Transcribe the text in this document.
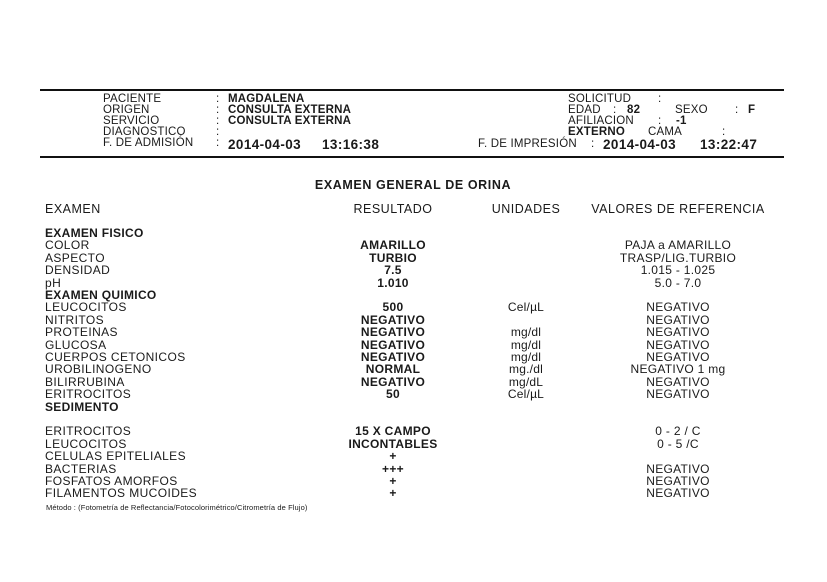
PACIENTE	: MAGDALENA
ORIGEN	: CONSULTA EXTERNA
SERVICIO	: CONSULTA EXTERNA
DIAGNOSTICO	:
F. DE ADMISIÓN : 2014-04-03 13:16:38
SOLICITUD :
EDAD : 82	SEXO : F
AFILIACION : -1
EXTERNO CAMA	:
F. DE IMPRESIÓN : 2014-04-03 13:22:47
EXAMEN GENERAL DE ORINA
EXAMEN	RESULTADO	UNIDADES VALORES DE REFERENCIA
EXAMEN FISICO
COLOR	AMARILLO	PAJA a AMARILLO
ASPECTO	TURBIO	TRASP/LIG.TURBIO
DENSIDAD	7.5	1.015 - 1.025
pH	1.010	5.0 - 7.0
EXAMEN QUIMICO
LEUCOCITOS	500	Cel/µL	NEGATIVO
NITRITOS	NEGATIVO	NEGATIVO
PROTEINAS	NEGATIVO	mg/dl	NEGATIVO
GLUCOSA	NEGATIVO	mg/dl	NEGATIVO
CUERPOS CETONICOS	NEGATIVO	mg/dl	NEGATIVO
UROBILINOGENO	NORMAL	mg./dl	NEGATIVO 1 mg
BILIRRUBINA	NEGATIVO	mg/dL	NEGATIVO
ERITROCITOS	50	Cel/µL	NEGATIVO
SEDIMENTO
ERITROCITOS	15 X CAMPO	0 - 2 / C
LEUCOCITOS	INCONTABLES	0 - 5 /C
CELULAS EPITELIALES	+
BACTERIAS	+++	NEGATIVO
FOSFATOS AMORFOS	+	NEGATIVO
FILAMENTOS MUCOIDES	+	NEGATIVO
Método : (Fotometría de Reflectancia/Fotocolorimétrico/Citrometría de Flujo)
